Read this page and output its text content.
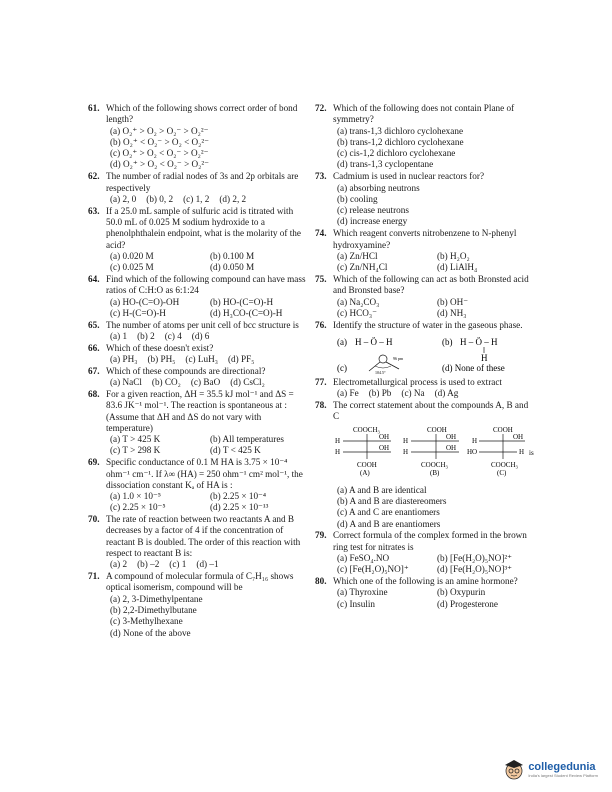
61. Which of the following shows correct order of bond length?
(a) O₂⁺ > O₂ > O₂⁻ > O₂²⁻
(b) O₂⁺ < O₂⁻ > O₂ < O₂²⁻
(c) O₂⁺ > O₂ < O₂⁻ > O₂²⁻
(d) O₂⁺ > O₂ < O₂⁻ > O₂²⁻
62. The number of radial nodes of 3s and 2p orbitals are respectively
(a) 2, 0 (b) 0, 2 (c) 1, 2 (d) 2, 2
63. If a 25.0 mL sample of sulfuric acid is titrated with 50.0 mL of 0.025 M sodium hydroxide to a phenolphthalein endpoint, what is the molarity of the acid?
(a) 0.020 M	(b) 0.100 M
(c) 0.025 M	(d) 0.050 M
64. Find which of the following compound can have mass ratios of C:H:O as 6:1:24
(a) HO-(C=O)-OH	(b) HO-(C=O)-H
(c) H-(C=O)-H	(d) H₃CO-(C=O)-H
65. The number of atoms per unit cell of bcc structure is
(a) 1 (b) 2 (c) 4 (d) 6
66. Which of these doesn't exist?
(a) PH₃ (b) PH₅ (c) LuH₃ (d) PF₅
67. Which of these compounds are directional?
(a) NaCl (b) CO₂ (c) BaO (d) CsCl₂
68. For a given reaction, ΔH = 35.5 kJ mol⁻¹ and ΔS = 83.6 JK⁻¹ mol⁻¹. The reaction is spontaneous at : (Assume that ΔH and ΔS do not vary with temperature)
(a) T > 425 K	(b) All temperatures
(c) T > 298 K	(d) T < 425 K
69. Specific conductance of 0.1 M HA is 3.75 × 10⁻⁴ ohm⁻¹ cm⁻¹. If λ∞ (HA) = 250 ohm⁻¹ cm² mol⁻¹, the dissociation constant Kₐ of HA is :
(a) 1.0 × 10⁻⁵	(b) 2.25 × 10⁻⁴
(c) 2.25 × 10⁻⁵	(d) 2.25 × 10⁻¹³
70. The rate of reaction between two reactants A and B decreases by a factor of 4 if the concentration of reactant B is doubled. The order of this reaction with respect to reactant B is:
(a) 2 (b) –2 (c) 1 (d) –1
71. A compound of molecular formula of C₇H₁₆ shows optical isomerism, compound will be
(a) 2, 3-Dimethylpentane
(b) 2,2-Dimethylbutane
(c) 3-Methylhexane
(d) None of the above
72. Which of the following does not contain Plane of symmetry?
(a) trans-1,3 dichloro cyclohexane
(b) trans-1,2 dichloro cyclohexane
(c) cis-1,2 dichloro cyclohexane
(d) trans-1,3 cyclopentane
73. Cadmium is used in nuclear reactors for?
(a) absorbing neutrons
(b) cooling
(c) release neutrons
(d) increase energy
74. Which reagent converts nitrobenzene to N-phenyl hydroxyamine?
(a) Zn/HCl	(b) H₂O₂
(c) Zn/NH₄Cl	(d) LiAlH₄
75. Which of the following can act as both Bronsted acid and Bronsted base?
(a) Na₂CO₃	(b) OH⁻
(c) HCO₃⁻	(d) NH₃
76. Identify the structure of water in the gaseous phase.
(a) H – Ö – H	(b) H – Ö – H
H
(c)	104.5°
96 pm
(d) None of these
77. Electrometallurgical process is used to extract
(a) Fe (b) Pb (c) Na (d) Ag
78. The correct statement about the compounds A, B and C
COOCH₃
H	OH
H	OH
COOH
(A)
COOH
H	OH
H	OH
COOCH₃
(B)
COOH
H	OH
HO	H is
COOCH₃
(C)
(a) A and B are identical
(b) A and B are diastereomers
(c) A and C are enantiomers
(d) A and B are enantiomers
79. Correct formula of the complex formed in the brown ring test for nitrates is
(a) FeSO₄.NO	(b) [Fe(H₂O)₅NO]²⁺
(c) [Fe(H₂O)₅NO]⁺	(d) [Fe(H₂O)₅NO]³⁺
80. Which one of the following is an amine hormone?
(a) Thyroxine	(b) Oxypurin
(c) Insulin	(d) Progesterone
collegedunia
India's largest Student Review Platform
